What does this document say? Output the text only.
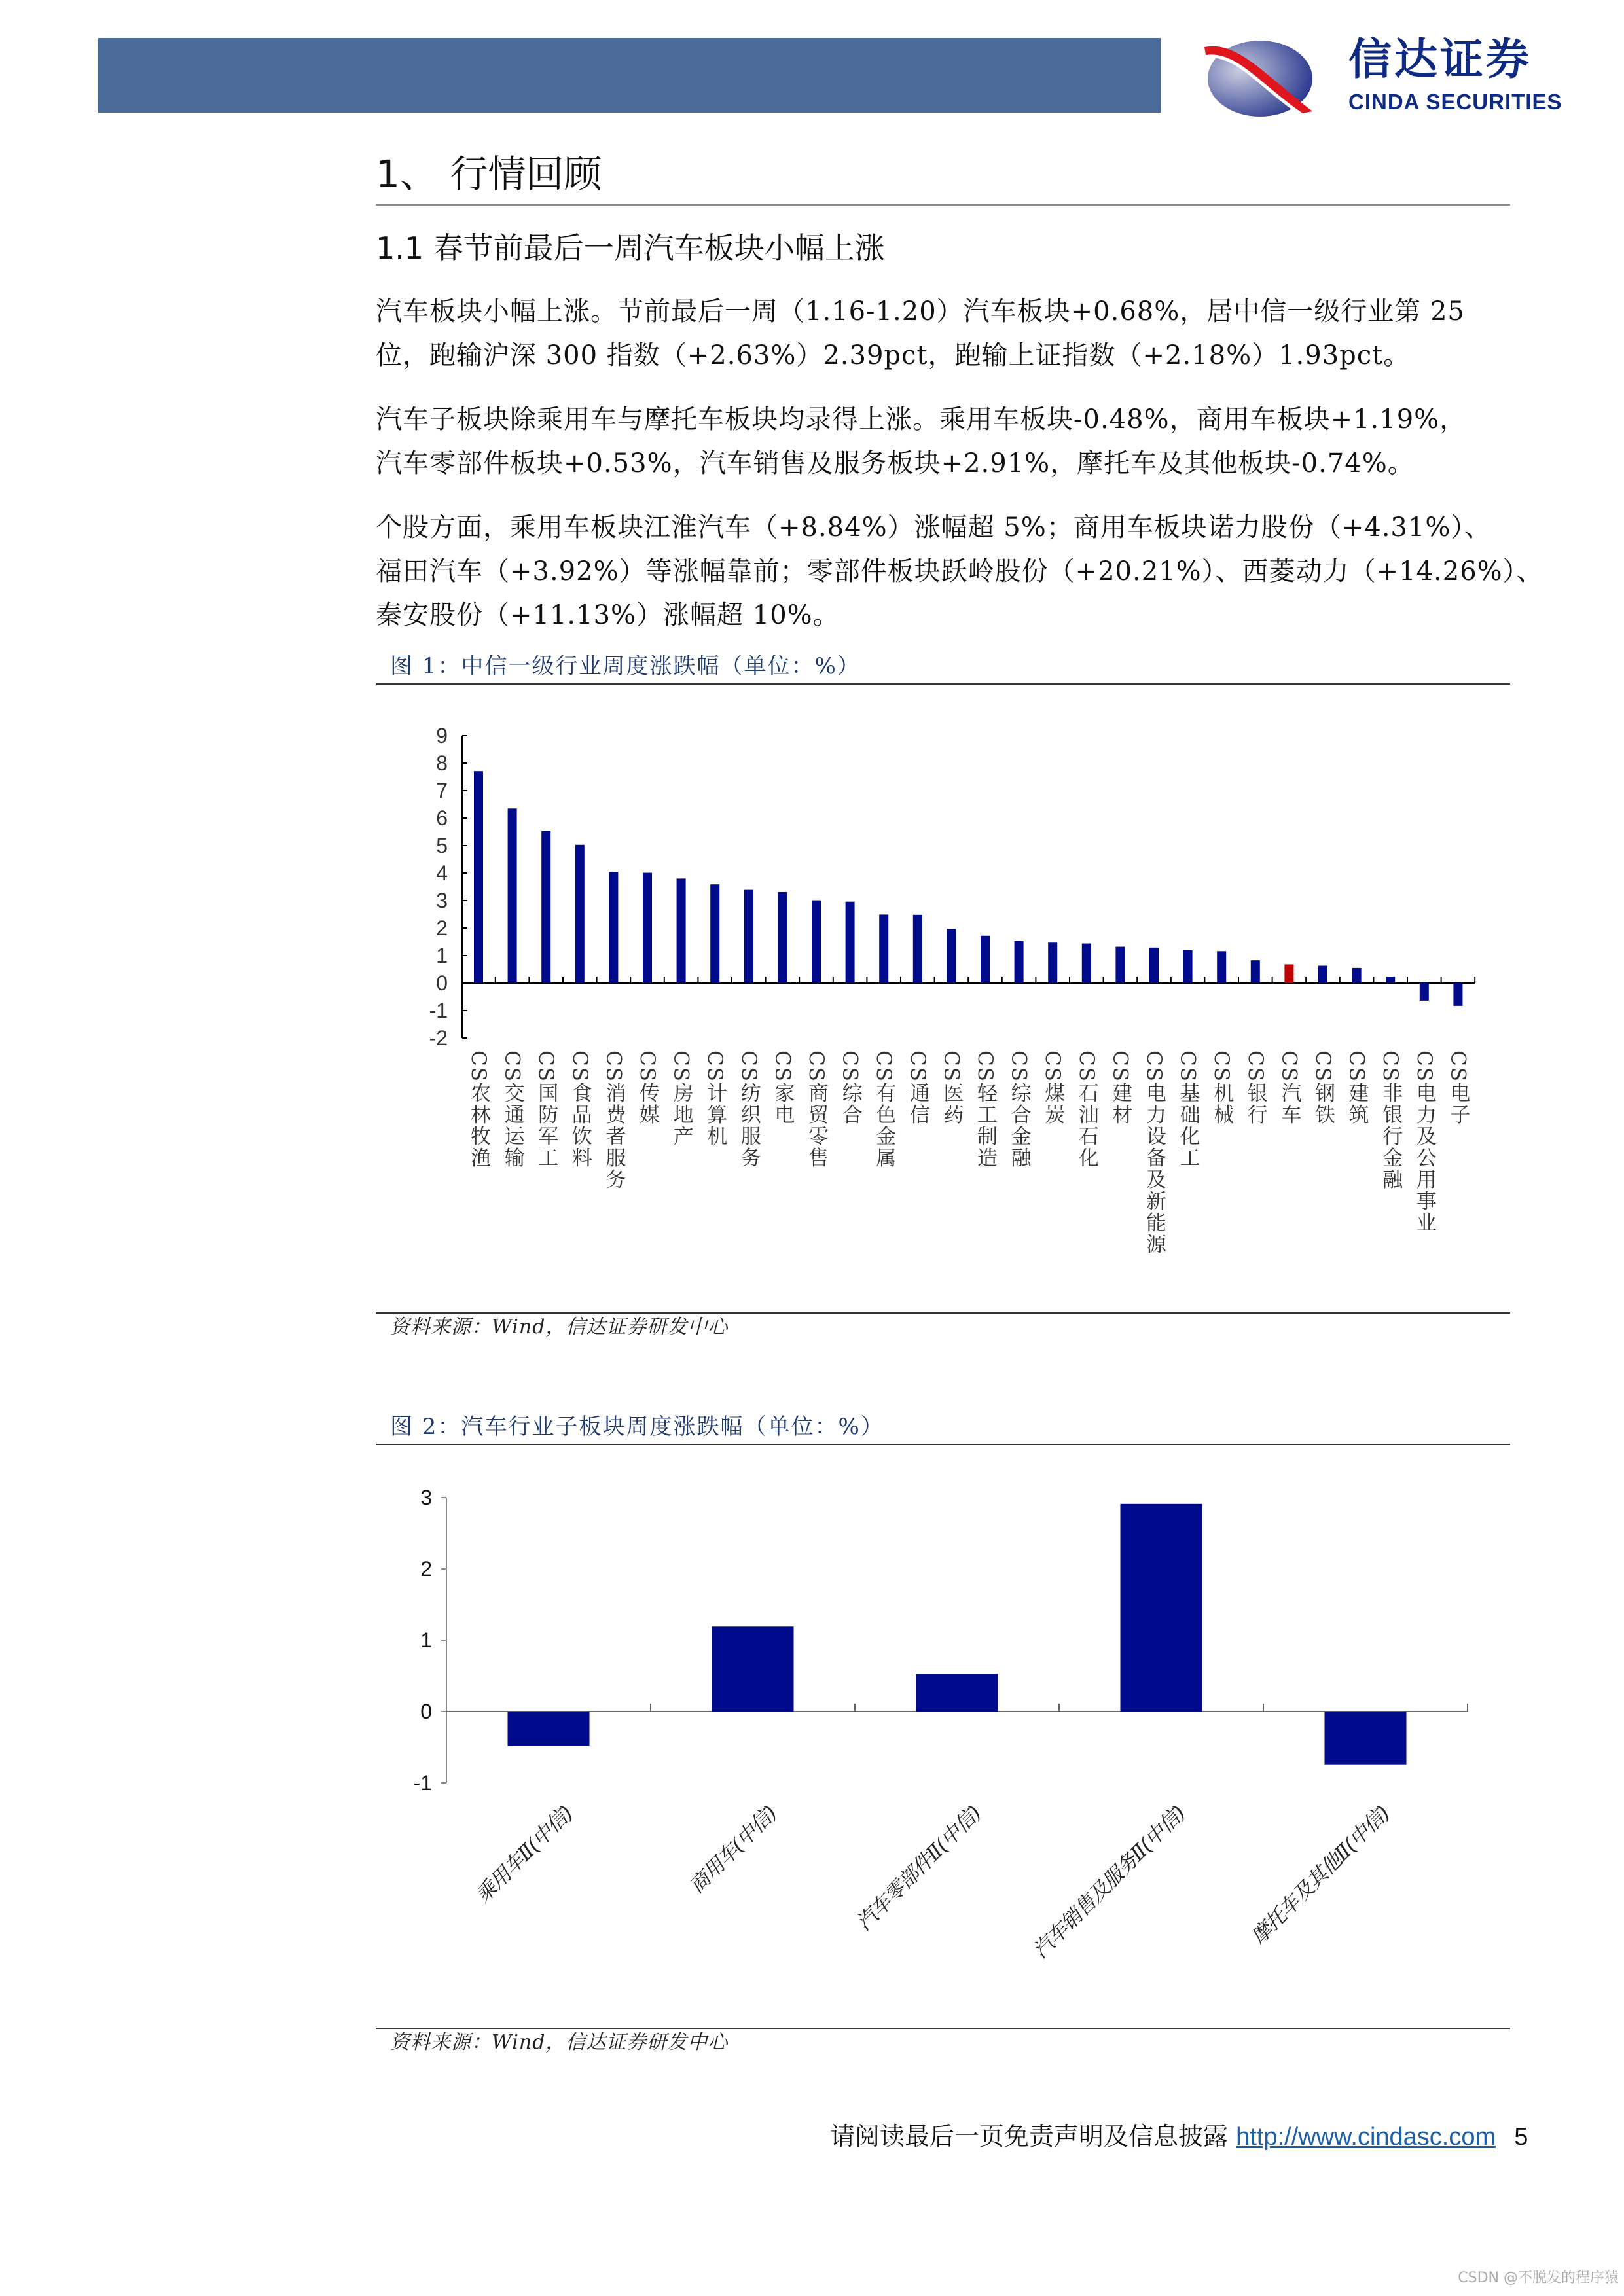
信达证券
CINDA SECURITIES
1、 行情回顾
1.1 春节前最后一周汽车板块小幅上涨
汽车板块小幅上涨。节前最后一周（1.16-1.20）汽车板块+0.68%，居中信一级行业第 25
位，跑输沪深 300 指数（+2.63%）2.39pct，跑输上证指数（+2.18%）1.93pct。
汽车子板块除乘用车与摩托车板块均录得上涨。乘用车板块-0.48%，商用车板块+1.19%，
汽车零部件板块+0.53%，汽车销售及服务板块+2.91%，摩托车及其他板块-0.74%。
个股方面，乘用车板块江淮汽车（+8.84%）涨幅超 5%；商用车板块诺力股份（+4.31%）、
福田汽车（+3.92%）等涨幅靠前；零部件板块跃岭股份（+20.21%）、西菱动力（+14.26%）、
秦安股份（+11.13%）涨幅超 10%。
图 1：中信一级行业周度涨跌幅（单位：%）
9
8
7
6
5
4
3
2
1
0
-1
-2
CS农林牧渔 CS交通运输 CS国防军工 CS食品饮料 CS消费者服务 CS传媒 CS房地产 CS计算机 CS纺织服务 CS家电 CS商贸零售 CS综合 CS有色金属 CS通信 CS医药 CS轻工制造 CS综合金融 CS煤炭 CS石油石化 CS建材 CS电力设备及新能源 CS基础化工 CS机械 CS银行 CS汽车 CS钢铁 CS建筑 CS非银行金融 CS电力及公用事业 CS电子
资料来源：Wind，信达证券研发中心
图 2：汽车行业子板块周度涨跌幅（单位：%）
3
2
1
0
-1
乘用车Ⅱ(中信)	商用车(中信)	汽车零部件Ⅱ(中信) 汽车销售及服务Ⅱ(中信)	摩托车及其他Ⅱ(中信)
资料来源：Wind，信达证券研发中心
请阅读最后一页免责声明及信息披露 http://www.cindasc.com 5
CSDN @不脱发的程序猿
